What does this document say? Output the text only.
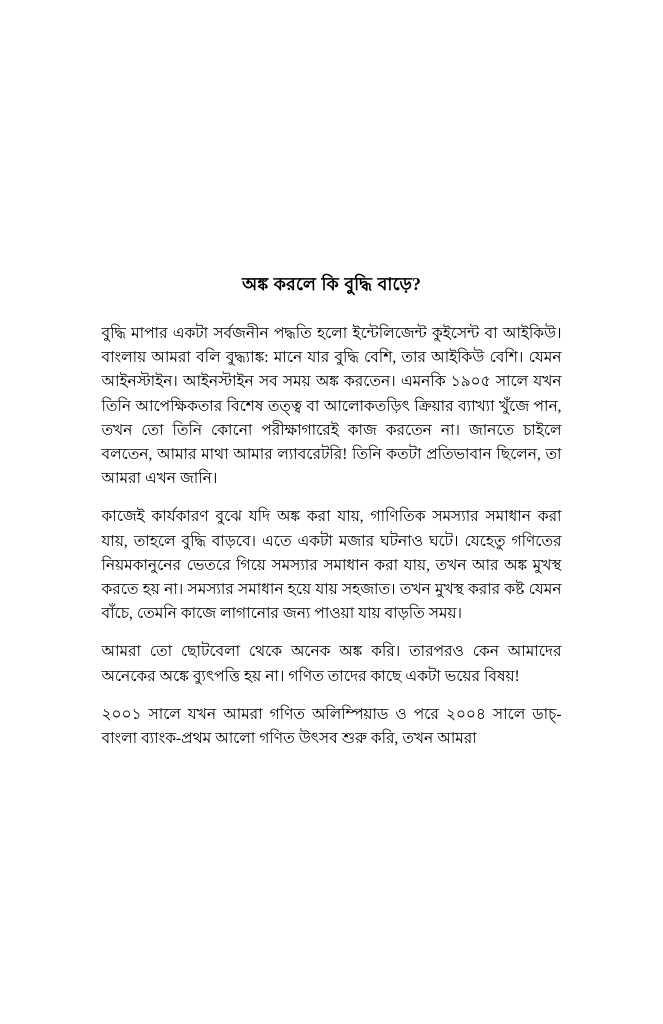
অঙ্ক করলে কি বুদ্ধি বাড়ে?

বুদ্ধি মাপার একটা সর্বজনীন পদ্ধতি হলো ইন্টেলিজেন্ট কুইসেন্ট বা আইকিউ। বাংলায় আমরা বলি বুদ্ধ্যাঙ্ক: মানে যার বুদ্ধি বেশি, তার আইকিউ বেশি। যেমন আইনস্টাইন। আইনস্টাইন সব সময় অঙ্ক করতেন। এমনকি ১৯০৫ সালে যখন তিনি আপেক্ষিকতার বিশেষ তত্ত্ব বা আলোকতড়িৎ ক্রিয়ার ব্যাখ্যা খুঁজে পান, তখন তো তিনি কোনো পরীক্ষাগারেই কাজ করতেন না। জানতে চাইলে বলতেন, আমার মাথা আমার ল্যাবরেটরি! তিনি কতটা প্রতিভাবান ছিলেন, তা আমরা এখন জানি।

কাজেই কার্যকারণ বুঝে যদি অঙ্ক করা যায়, গাণিতিক সমস্যার সমাধান করা যায়, তাহলে বুদ্ধি বাড়বে। এতে একটা মজার ঘটনাও ঘটে। যেহেতু গণিতের নিয়মকানুনের ভেতরে গিয়ে সমস্যার সমাধান করা যায়, তখন আর অঙ্ক মুখস্থ করতে হয় না। সমস্যার সমাধান হয়ে যায় সহজাত। তখন মুখস্থ করার কষ্ট যেমন বাঁচে, তেমনি কাজে লাগানোর জন্য পাওয়া যায় বাড়তি সময়।

আমরা তো ছোটবেলা থেকে অনেক অঙ্ক করি। তারপরও কেন আমাদের অনেকের অঙ্কে ব্যুৎপত্তি হয় না। গণিত তাদের কাছে একটা ভয়ের বিষয়!

২০০১ সালে যখন আমরা গণিত অলিম্পিয়াড ও পরে ২০০৪ সালে ডাচ্‌-বাংলা ব্যাংক-প্রথম আলো গণিত উৎসব শুরু করি, তখন আমরা
